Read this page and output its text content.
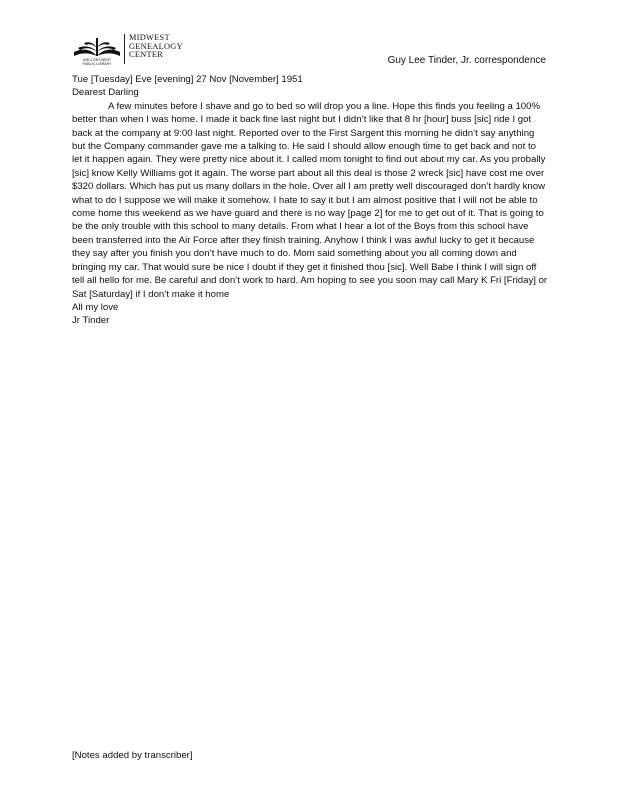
MID-CONTINENT
PUBLIC LIBRARY
MIDWEST
GENEALOGY
CENTER
Guy Lee Tinder, Jr. correspondence

Tue [Tuesday] Eve [evening] 27 Nov [November] 1951

Dearest Darling

A few minutes before I shave and go to bed so will drop you a line. Hope this finds you feeling a 100% better than when I was home. I made it back fine last night but I didn’t like that 8 hr [hour] buss [sic] ride I got back at the company at 9:00 last night. Reported over to the First Sargent this morning he didn’t say anything but the Company commander gave me a talking to. He said I should allow enough time to get back and not to let it happen again. They were pretty nice about it. I called mom tonight to find out about my car. As you probally [sic] know Kelly Williams got it again. The worse part about all this deal is those 2 wreck [sic] have cost me over $320 dollars. Which has put us many dollars in the hole. Over all I am pretty well discouraged don’t hardly know what to do I suppose we will make it somehow. I hate to say it but I am almost positive that I will not be able to come home this weekend as we have guard and there is no way [page 2] for me to get out of it. That is going to be the only trouble with this school to many details. From what I hear a lot of the Boys from this school have been transferred into the Air Force after they finish training. Anyhow I think I was awful lucky to get it because they say after you finish you don’t have much to do. Mom said something about you all coming down and bringing my car. That would sure be nice I doubt if they get it finished thou [sic]. Well Babe I think I will sign off tell all hello for me. Be careful and don’t work to hard. Am hoping to see you soon may call Mary K Fri [Friday] or Sat [Saturday] if I don’t make it home

All my love

Jr Tinder

[Notes added by transcriber]
